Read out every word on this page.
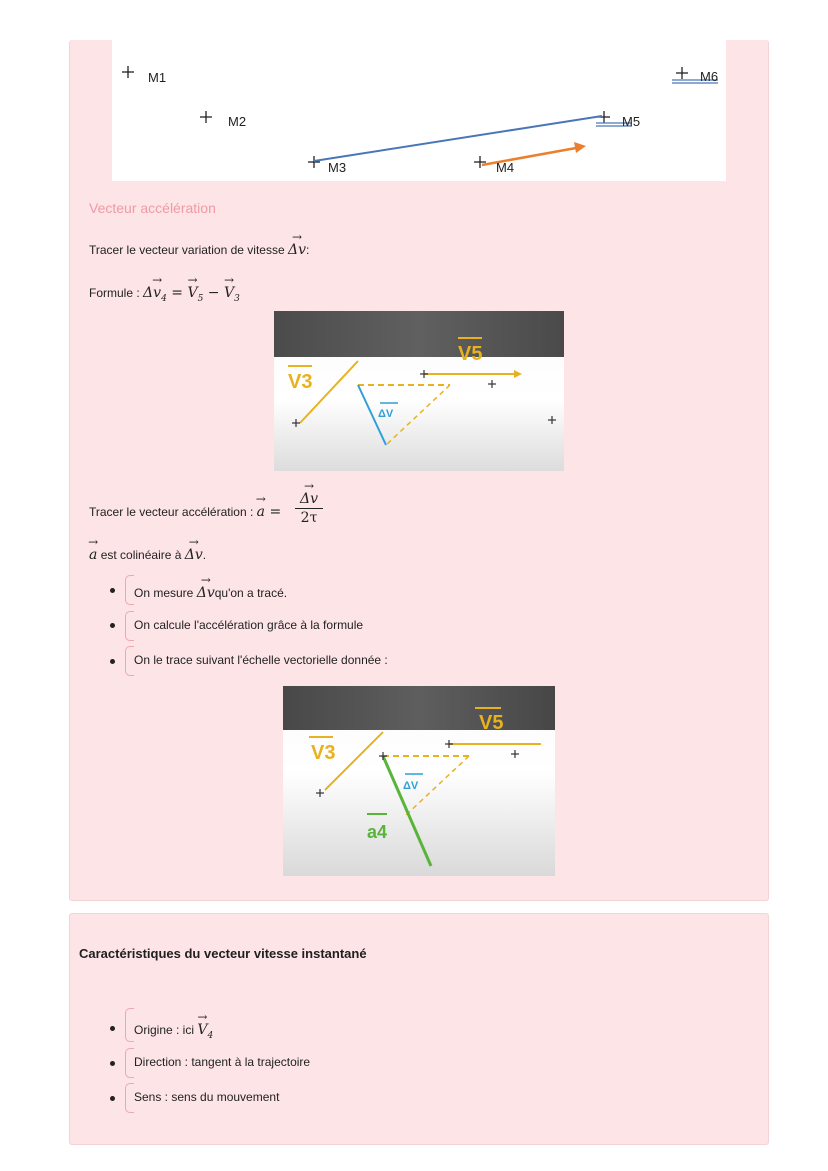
M1
M2
M3	M4
M5
M6
Vecteur accélération
Tracer le vecteur variation de vitesse → Δv:
Formule : $\Delta\to v_4$ = → $V_5$ − → $V_3$
V3
V5
ΔV
Tracer le vecteur accélération : → a =
→ Δv
2τ
→ a est colinéaire à → Δv.
On mesure → Δvqu'on a tracé.
On calcule l'accélération grâce à la formule
On le trace suivant l'échelle vectorielle donnée :
V3
V5
ΔV
a4
Caractéristiques du vecteur vitesse instantané
Origine : ici → $V_4$
Direction : tangent à la trajectoire
Sens : sens du mouvement
